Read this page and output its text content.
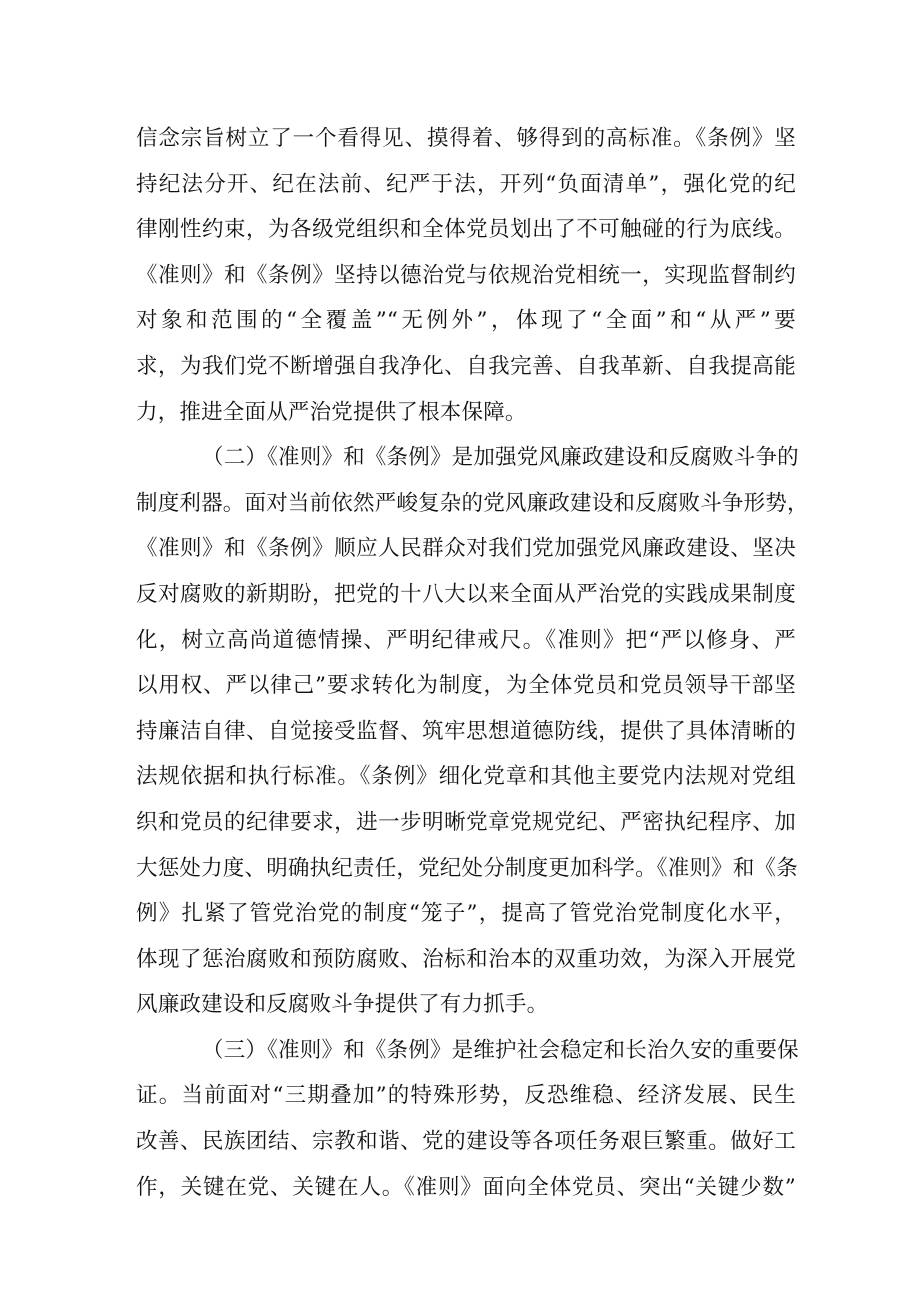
信念宗旨树立了一个看得见、摸得着、够得到的高标准。《条例》坚
持纪法分开、纪在法前、纪严于法，开列“负面清单”，强化党的纪
律刚性约束，为各级党组织和全体党员划出了不可触碰的行为底线。
《准则》和《条例》坚持以德治党与依规治党相统一，实现监督制约
对象和范围的“全覆盖”“无例外”，体现了“全面”和“从严”要
求，为我们党不断增强自我净化、自我完善、自我革新、自我提高能
力，推进全面从严治党提供了根本保障。
（二）《准则》和《条例》是加强党风廉政建设和反腐败斗争的
制度利器。面对当前依然严峻复杂的党风廉政建设和反腐败斗争形势，
《准则》和《条例》顺应人民群众对我们党加强党风廉政建设、坚决
反对腐败的新期盼，把党的十八大以来全面从严治党的实践成果制度
化，树立高尚道德情操、严明纪律戒尺。《准则》把“严以修身、严
以用权、严以律己”要求转化为制度，为全体党员和党员领导干部坚
持廉洁自律、自觉接受监督、筑牢思想道德防线，提供了具体清晰的
法规依据和执行标准。《条例》细化党章和其他主要党内法规对党组
织和党员的纪律要求，进一步明晰党章党规党纪、严密执纪程序、加
大惩处力度、明确执纪责任，党纪处分制度更加科学。《准则》和《条
例》扎紧了管党治党的制度“笼子”，提高了管党治党制度化水平，
体现了惩治腐败和预防腐败、治标和治本的双重功效，为深入开展党
风廉政建设和反腐败斗争提供了有力抓手。
（三）《准则》和《条例》是维护社会稳定和长治久安的重要保
证。当前面对“三期叠加”的特殊形势，反恐维稳、经济发展、民生
改善、民族团结、宗教和谐、党的建设等各项任务艰巨繁重。做好工
作，关键在党、关键在人。《准则》面向全体党员、突出“关键少数”
